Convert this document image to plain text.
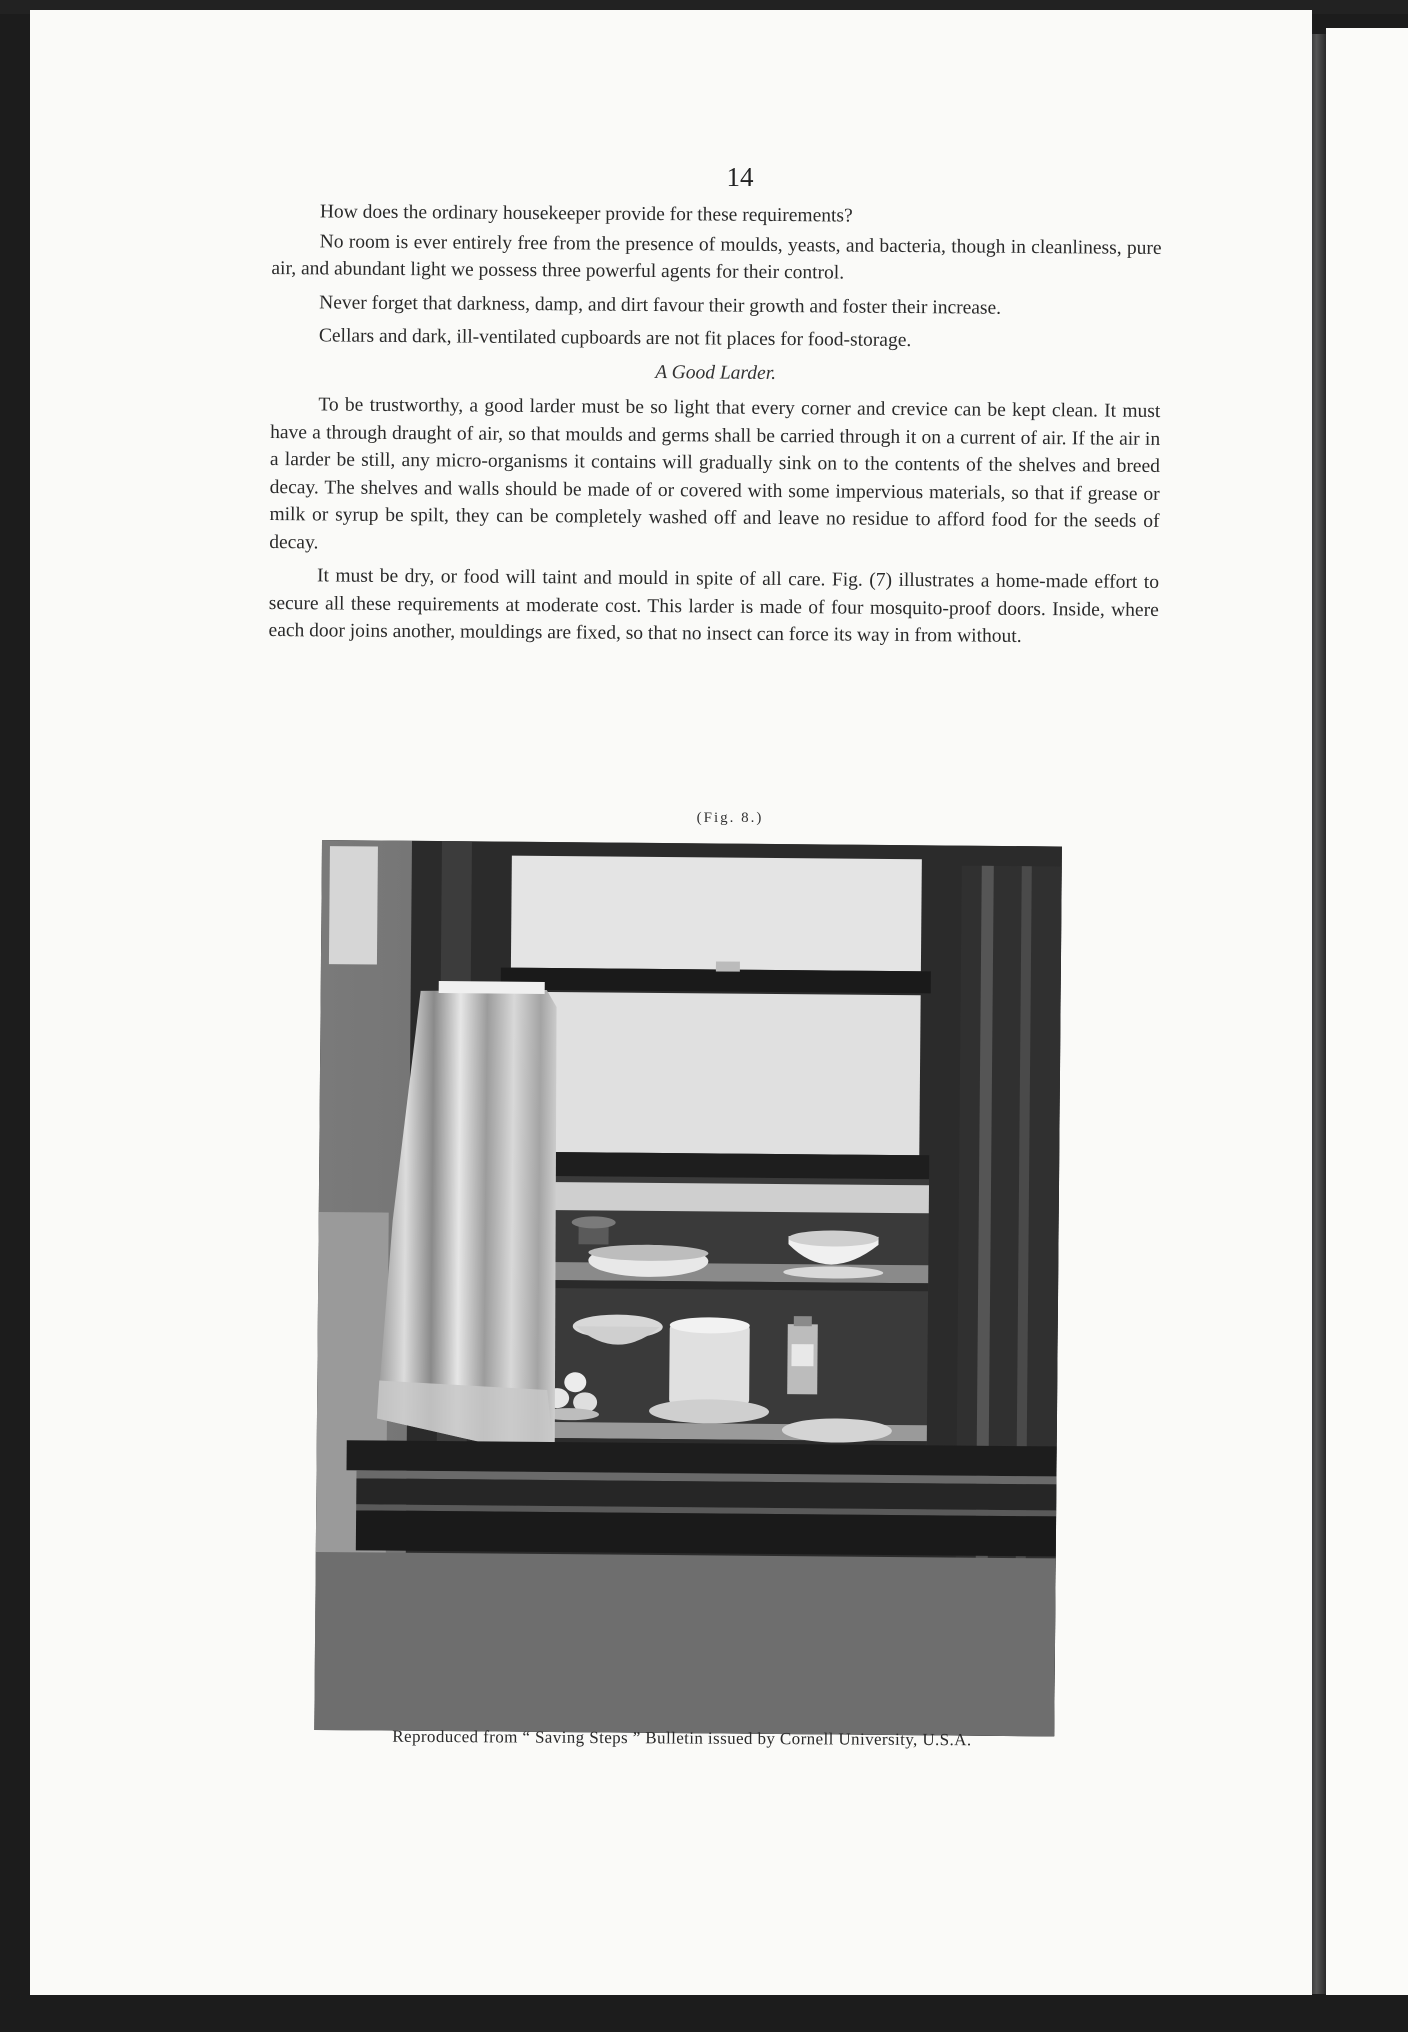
14

How does the ordinary housekeeper provide for these requirements?

No room is ever entirely free from the presence of moulds, yeasts, and bacteria, though in cleanliness, pure air, and abundant light we possess three powerful agents for their control.

Never forget that darkness, damp, and dirt favour their growth and foster their increase.

Cellars and dark, ill-ventilated cupboards are not fit places for food-storage.

A Good Larder.

To be trustworthy, a good larder must be so light that every corner and crevice can be kept clean. It must have a through draught of air, so that moulds and germs shall be carried through it on a current of air. If the air in a larder be still, any micro-organisms it contains will gradually sink on to the contents of the shelves and breed decay. The shelves and walls should be made of or covered with some impervious materials, so that if grease or milk or syrup be spilt, they can be completely washed off and leave no residue to afford food for the seeds of decay.

It must be dry, or food will taint and mould in spite of all care. Fig. (7) illustrates a home-made effort to secure all these requirements at moderate cost. This larder is made of four mosquito-proof doors. Inside, where each door joins another, mouldings are fixed, so that no insect can force its way in from without.

(Fig. 8.)
Reproduced from “ Saving Steps ” Bulletin issued by Cornell University, U.S.A.
